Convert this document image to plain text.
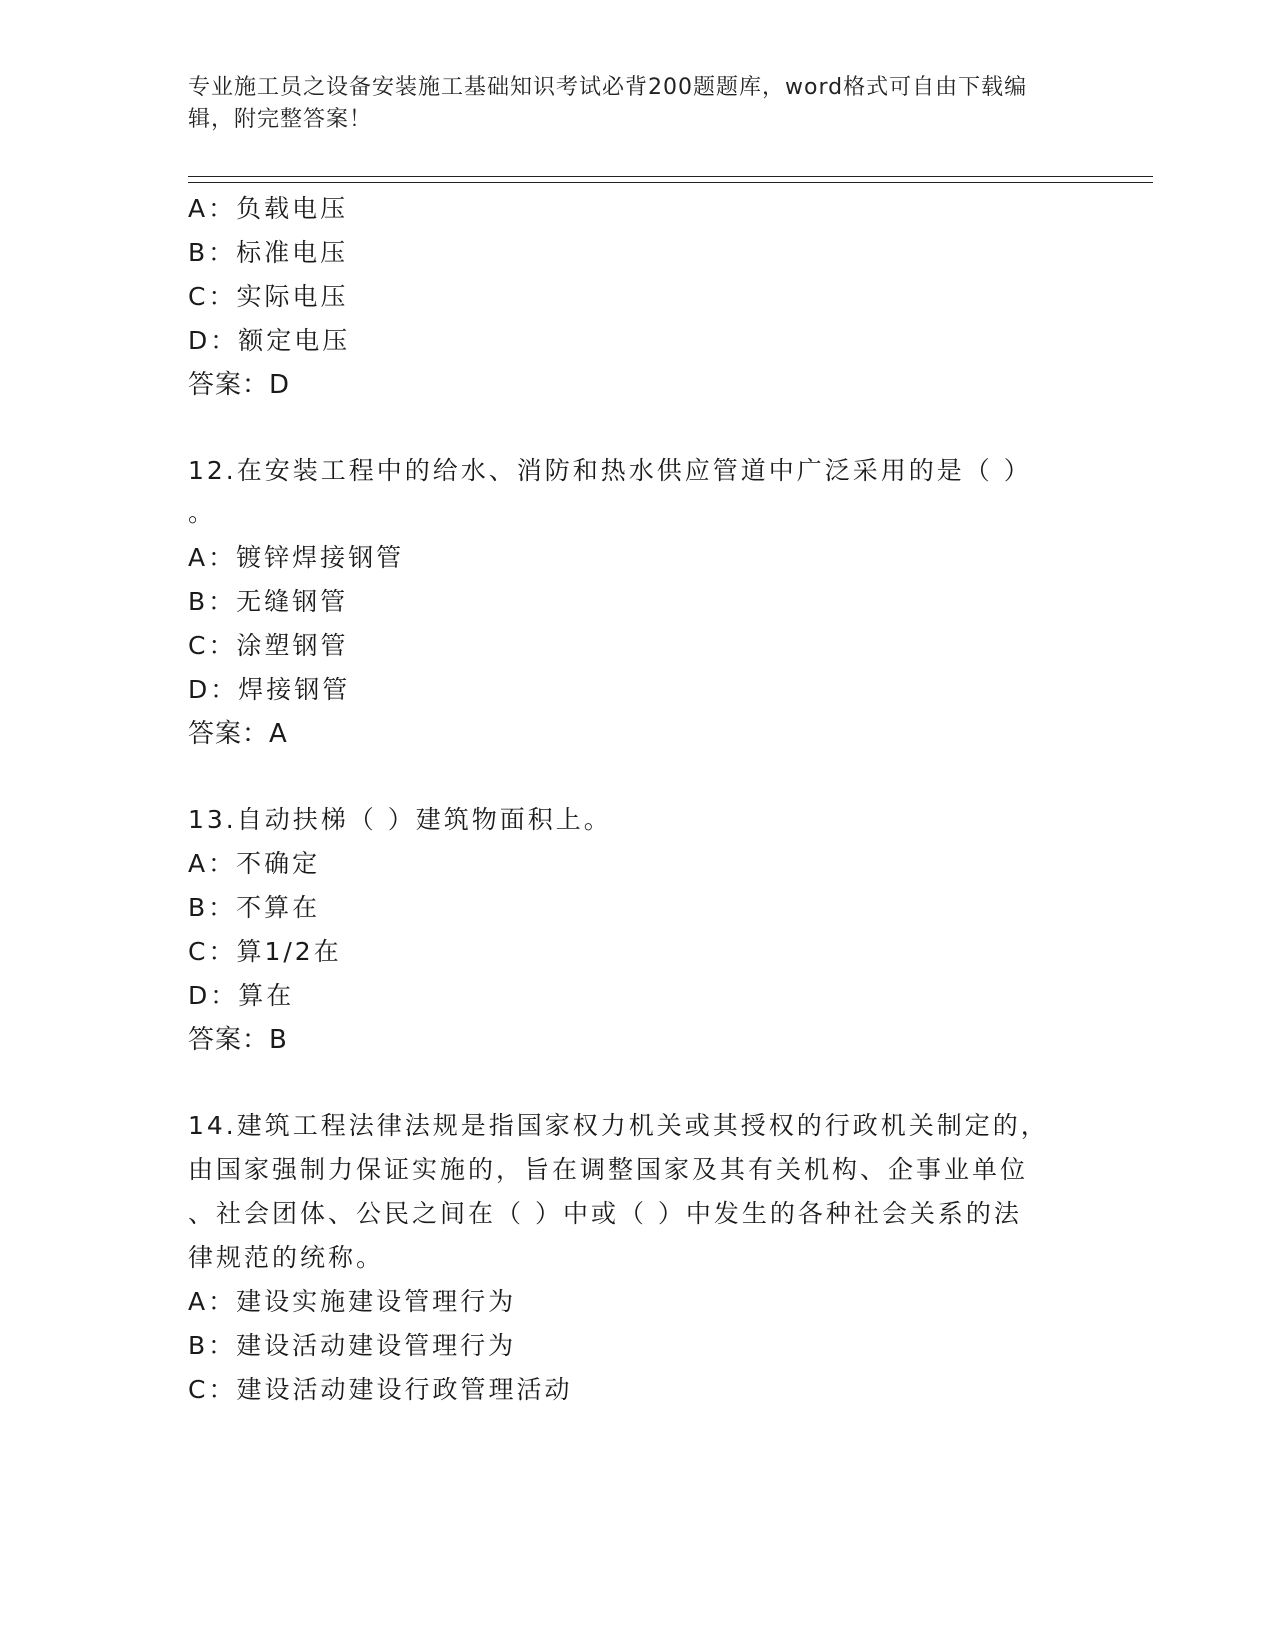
专业施工员之设备安装施工基础知识考试必背200题题库，word格式可自由下载编辑，附完整答案！
A：负载电压
B：标准电压
C：实际电压
D：额定电压
答案：D
12.在安装工程中的给水、消防和热水供应管道中广泛采用的是（ ）
。
A：镀锌焊接钢管
B：无缝钢管
C：涂塑钢管
D：焊接钢管
答案：A
13.自动扶梯（ ）建筑物面积上。
A：不确定
B：不算在
C：算1/2在
D：算在
答案：B
14.建筑工程法律法规是指国家权力机关或其授权的行政机关制定的，
由国家强制力保证实施的，旨在调整国家及其有关机构、企事业单位
、社会团体、公民之间在（ ）中或（ ）中发生的各种社会关系的法
律规范的统称。
A：建设实施建设管理行为
B：建设活动建设管理行为
C：建设活动建设行政管理活动
